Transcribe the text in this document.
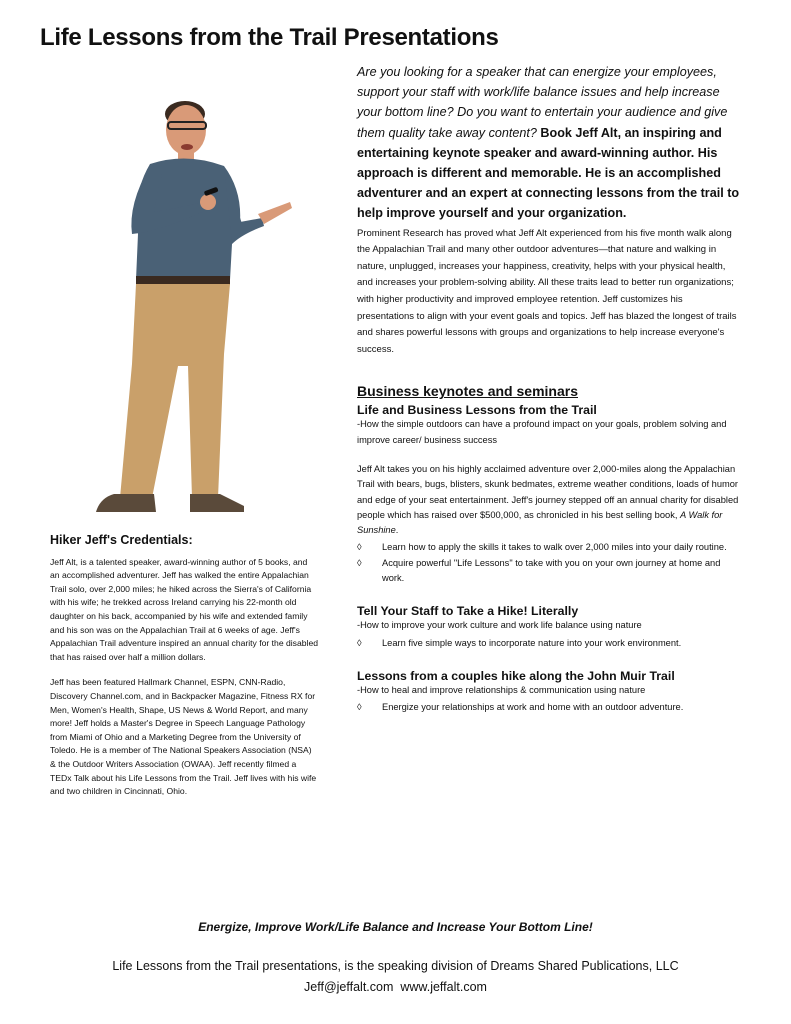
Life Lessons from the Trail Presentations
Hiker Jeff's Credentials:

Jeff Alt, is a talented speaker, award-winning author of 5 books, and an accomplished adventurer. Jeff has walked the entire Appalachian Trail solo, over 2,000 miles; he hiked across the Sierra's of California with his wife; he trekked across Ireland carrying his 22-month old daughter on his back, accompanied by his wife and extended family and his son was on the Appalachian Trail at 6 weeks of age. Jeff's Appalachian Trail adventure inspired an annual charity for the disabled that has raised over half a million dollars.

Jeff has been featured Hallmark Channel, ESPN, CNN-Radio, Discovery Channel.com, and in Backpacker Magazine, Fitness RX for Men, Women's Health, Shape, US News & World Report, and many more! Jeff holds a Master's Degree in Speech Language Pathology from Miami of Ohio and a Marketing Degree from the University of Toledo. He is a member of The National Speakers Association (NSA) & the Outdoor Writers Association (OWAA). Jeff recently filmed a TEDx Talk about his Life Lessons from the Trail. Jeff lives with his wife and two children in Cincinnati, Ohio.

Are you looking for a speaker that can energize your employees, support your staff with work/life balance issues and help increase your bottom line? Do you want to entertain your audience and give them quality take away content? Book Jeff Alt, an inspiring and entertaining keynote speaker and award-winning author. His approach is different and memorable. He is an accomplished adventurer and an expert at connecting lessons from the trail to help improve yourself and your organization.

Prominent Research has proved what Jeff Alt experienced from his five month walk along the Appalachian Trail and many other outdoor adventures—that nature and walking in nature, unplugged, increases your happiness, creativity, helps with your physical health, and increases your problem-solving ability. All these traits lead to better run organizations; with higher productivity and improved employee retention. Jeff customizes his presentations to align with your event goals and topics. Jeff has blazed the longest of trails and shares powerful lessons with groups and organizations to help increase everyone's success.

Business keynotes and seminars
Life and Business Lessons from the Trail

-How the simple outdoors can have a profound impact on your goals, problem solving and improve career/ business success

Jeff Alt takes you on his highly acclaimed adventure over 2,000-miles along the Appalachian Trail with bears, bugs, blisters, skunk bedmates, extreme weather conditions, loads of humor and edge of your seat entertainment. Jeff's journey stepped off an annual charity for disabled people which has raised over $500,000, as chronicled in his best selling book, A Walk for Sunshine.

◊ Learn how to apply the skills it takes to walk over 2,000 miles into your daily routine.
◊ Acquire powerful "Life Lessons" to take with you on your own journey at home and work.
Tell Your Staff to Take a Hike! Literally

-How to improve your work culture and work life balance using nature

◊ Learn five simple ways to incorporate nature into your work environment.
Lessons from a couples hike along the John Muir Trail

-How to heal and improve relationships & communication using nature

◊ Energize your relationships at work and home with an outdoor adventure.
Energize, Improve Work/Life Balance and Increase Your Bottom Line!
Life Lessons from the Trail presentations, is the speaking division of Dreams Shared Publications, LLC
Jeff@jeffalt.com www.jeffalt.com
